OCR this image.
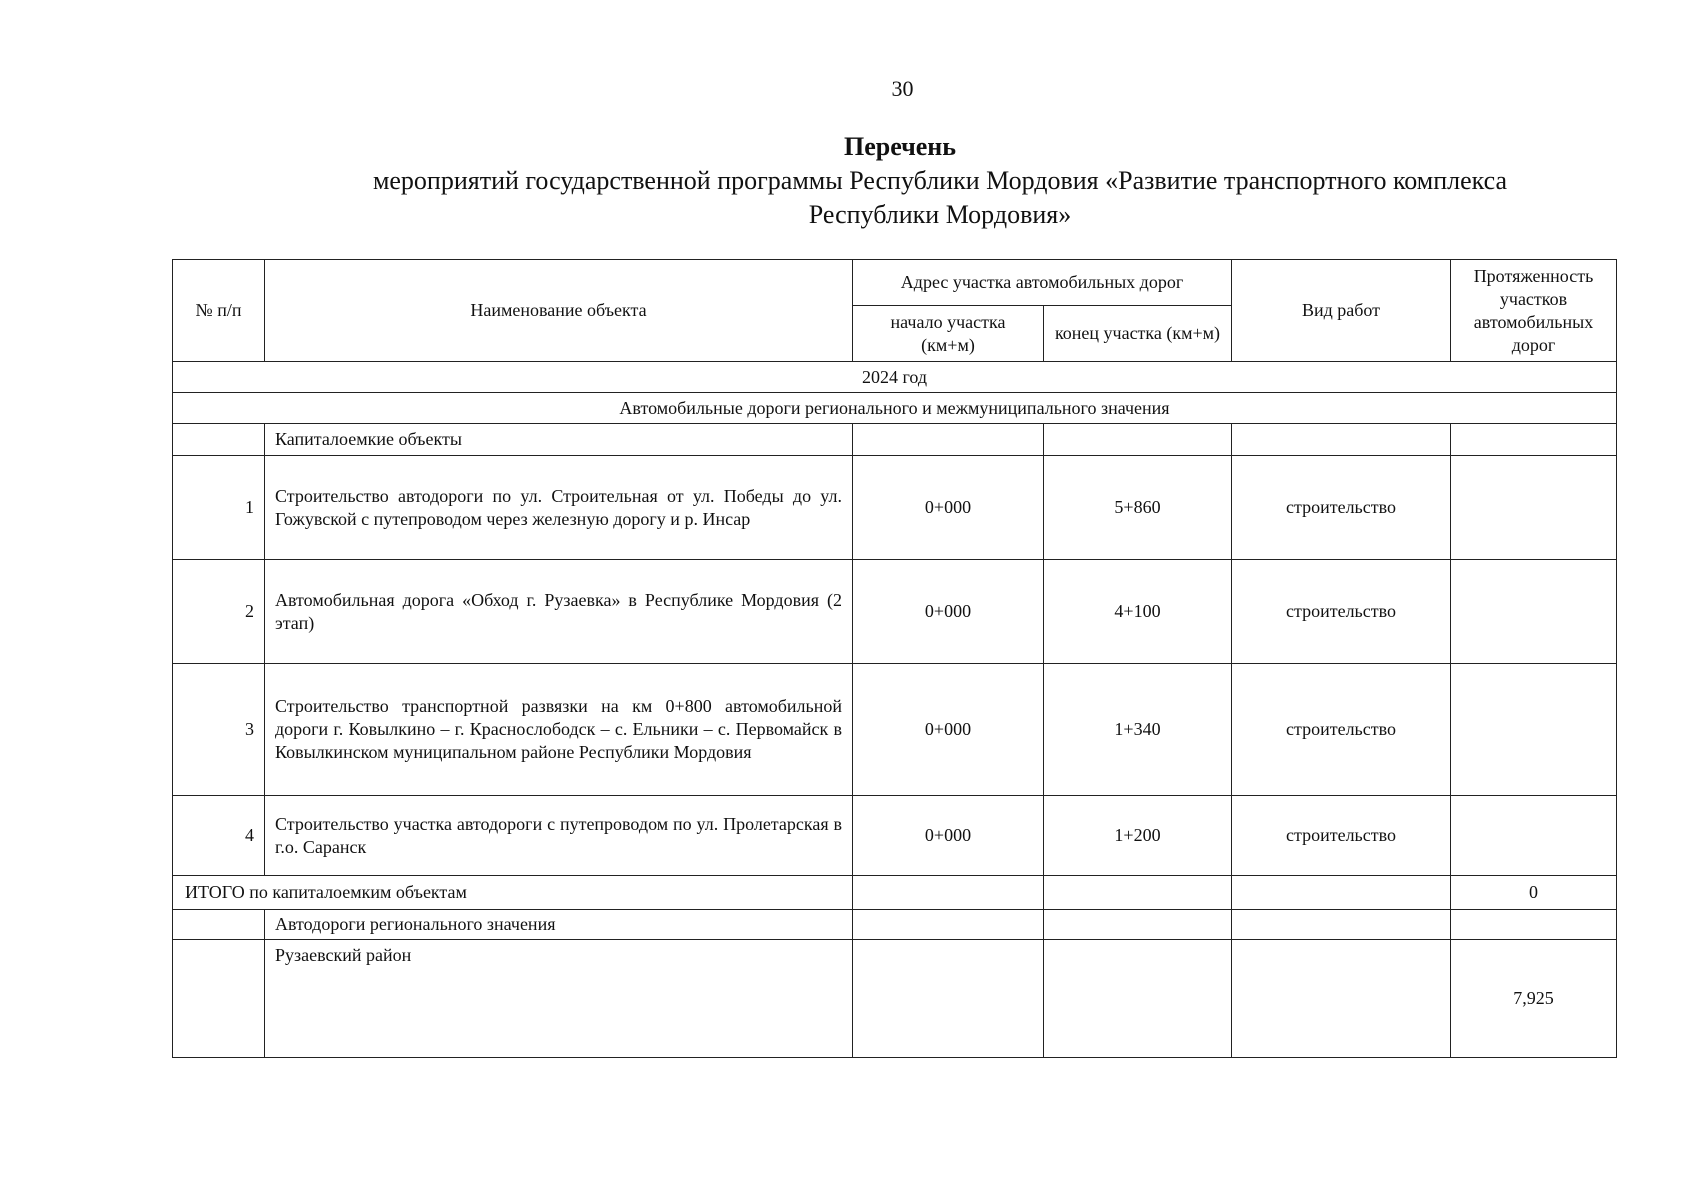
30
Перечень
мероприятий государственной программы Республики Мордовия «Развитие транспортного комплекса
Республики Мордовия»
№ п/п	Наименование объекта	Адрес участка автомобильных дорог		Вид работ	Протяженность участков автомобильных дорог
		начало участка (км+м)	конец участка (км+м)		
2024 год					
Автомобильные дороги регионального и межмуниципального значения					
	Капиталоемкие объекты				
1	Строительство автодороги по ул. Строительная от ул. Победы до ул. Гожувской с путепроводом через железную дорогу и р. Инсар	0+000	5+860	строительство	
2	Автомобильная дорога «Обход г. Рузаевка» в Республике Мордовия (2 этап)	0+000	4+100	строительство	
3	Строительство транспортной развязки на км 0+800 автомобильной дороги г. Ковылкино – г. Краснослободск – с. Ельники – с. Первомайск в Ковылкинском муниципальном районе Республики Мордовия	0+000	1+340	строительство	
4	Строительство участка автодороги с путепроводом по ул. Пролетарская в г.о. Саранск	0+000	1+200	строительство	
ИТОГО по капиталоемким объектам					0
	Автодороги регионального значения				
	Рузаевский район				7,925
